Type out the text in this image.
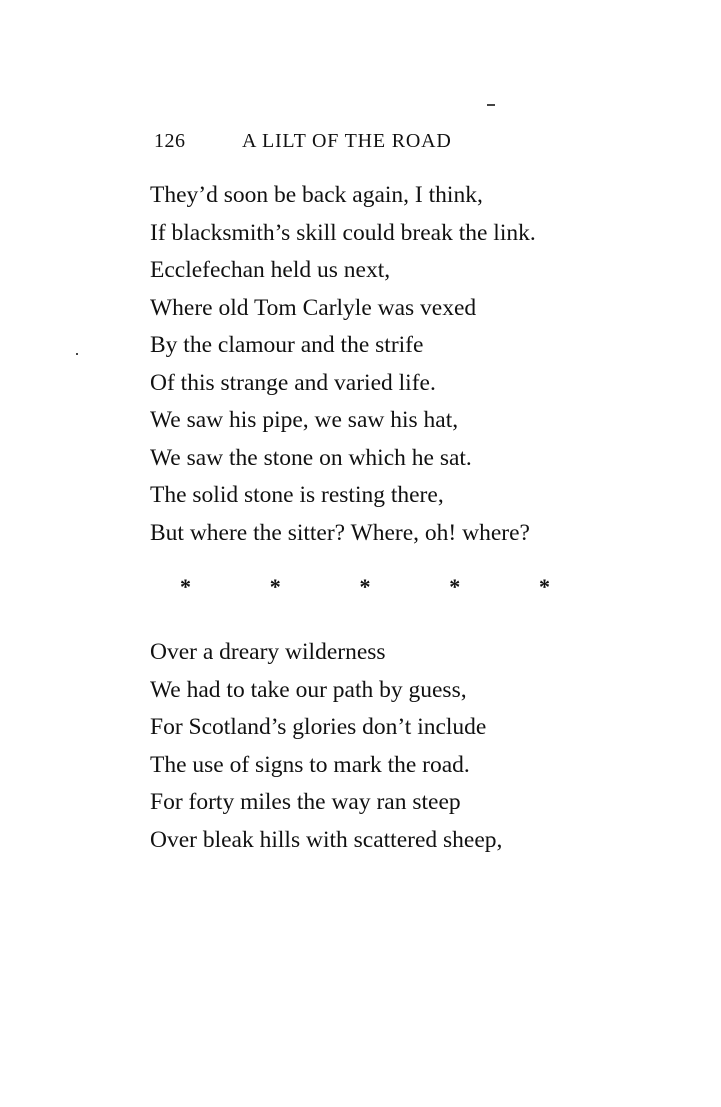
126	A LILT OF THE ROAD
They’d soon be back again, I think,
If blacksmith’s skill could break the link.
Ecclefechan held us next,
Where old Tom Carlyle was vexed
By the clamour and the strife
Of this strange and varied life.
We saw his pipe, we saw his hat,
We saw the stone on which he sat.
The solid stone is resting there,
But where the sitter? Where, oh! where?
*	*	*	*	*
Over a dreary wilderness
We had to take our path by guess,
For Scotland’s glories don’t include
The use of signs to mark the road.
For forty miles the way ran steep
Over bleak hills with scattered sheep,
